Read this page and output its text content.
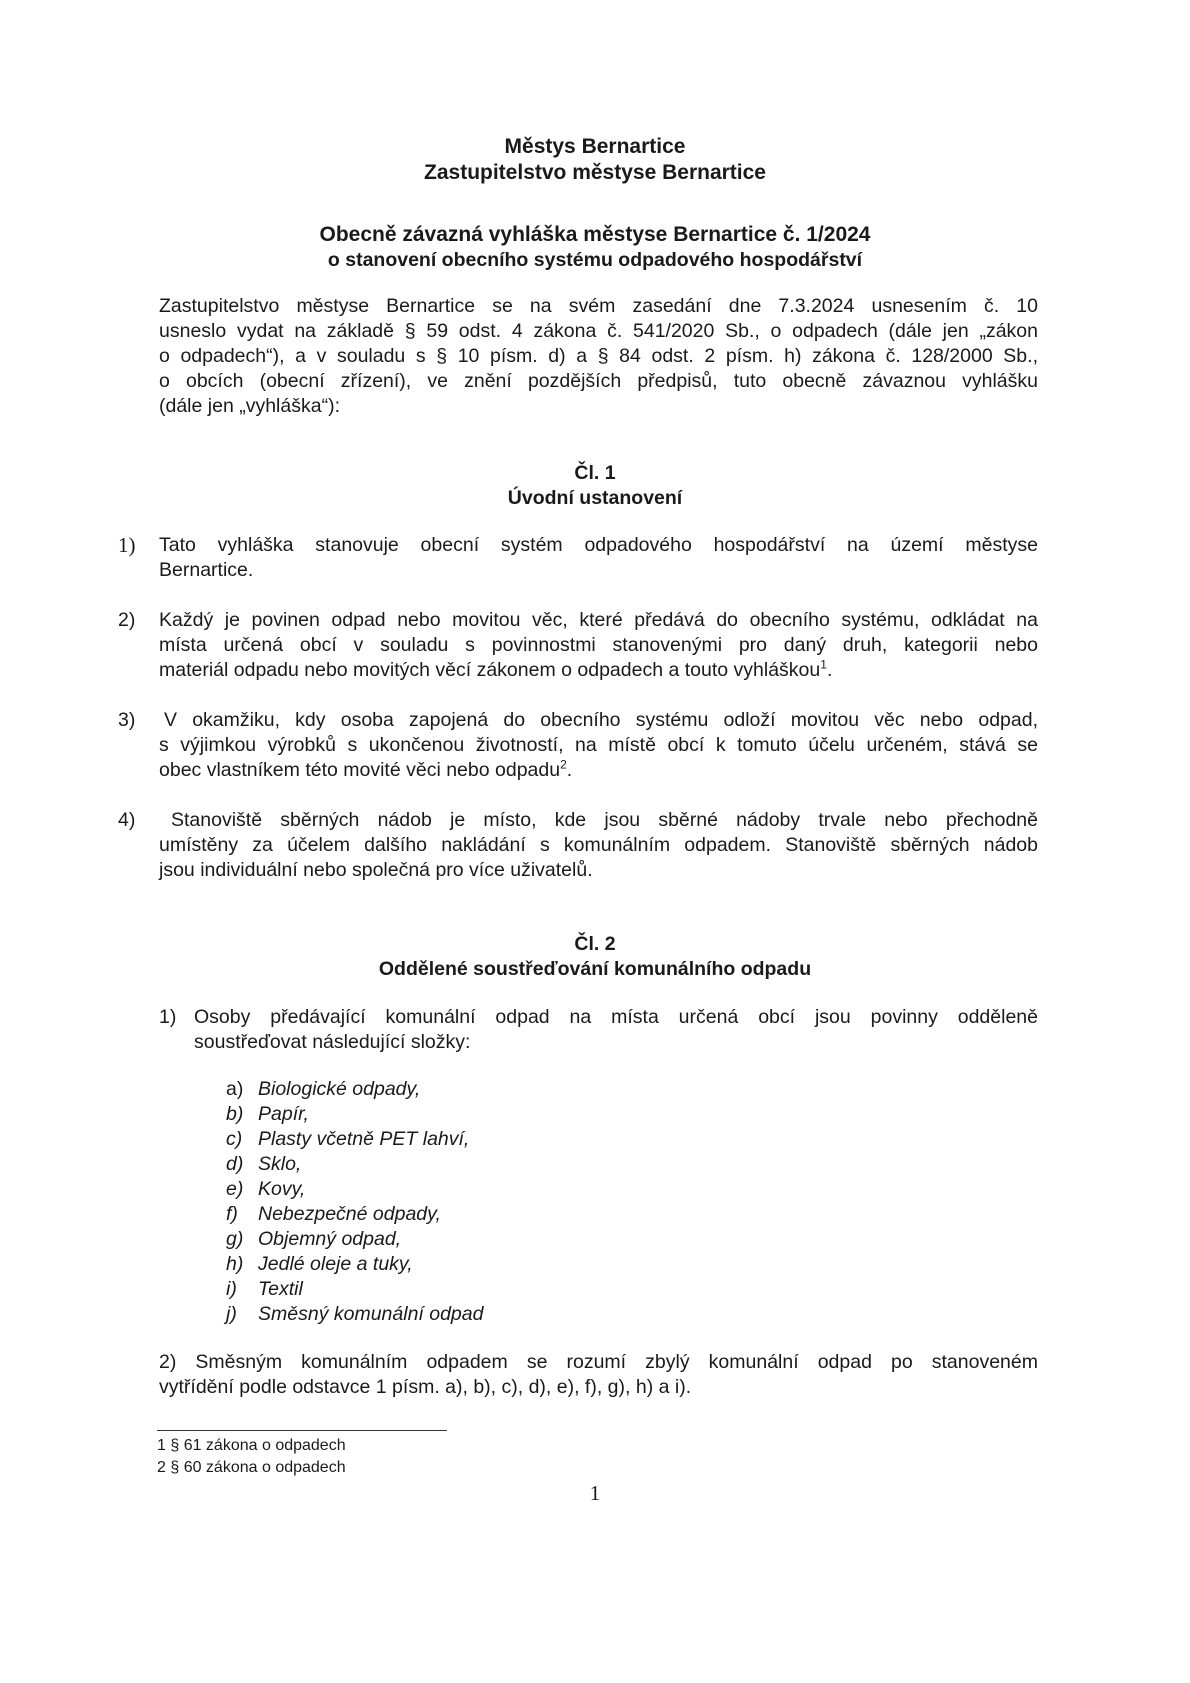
Městys Bernartice
Zastupitelstvo městyse Bernartice
Obecně závazná vyhláška městyse Bernartice č. 1/2024
o stanovení obecního systému odpadového hospodářství
Zastupitelstvo městyse Bernartice se na svém zasedání dne 7.3.2024 usnesením č. 10
usneslo vydat na základě § 59 odst. 4 zákona č. 541/2020 Sb., o odpadech (dále jen „zákon
o odpadech“), a v souladu s § 10 písm. d) a § 84 odst. 2 písm. h) zákona č. 128/2000 Sb.,
o obcích (obecní zřízení), ve znění pozdějších předpisů, tuto obecně závaznou vyhlášku
(dále jen „vyhláška“):
Čl. 1
Úvodní ustanovení
1) Tato vyhláška stanovuje obecní systém odpadového hospodářství na území městyse
Bernartice.
2) Každý je povinen odpad nebo movitou věc, které předává do obecního systému, odkládat na
místa určená obcí v souladu s povinnostmi stanovenými pro daný druh, kategorii nebo
materiál odpadu nebo movitých věcí zákonem o odpadech a touto vyhláškou$^1$.
3) V okamžiku, kdy osoba zapojená do obecního systému odloží movitou věc nebo odpad,
s výjimkou výrobků s ukončenou životností, na místě obcí k tomuto účelu určeném, stává se
obec vlastníkem této movité věci nebo odpadu$^2$.
4) Stanoviště sběrných nádob je místo, kde jsou sběrné nádoby trvale nebo přechodně
umístěny za účelem dalšího nakládání s komunálním odpadem. Stanoviště sběrných nádob
jsou individuální nebo společná pro více uživatelů.
Čl. 2
Oddělené soustřeďování komunálního odpadu
1) Osoby předávající komunální odpad na místa určená obcí jsou povinny odděleně
soustřeďovat následující složky:
a) Biologické odpady,
b) Papír,
c) Plasty včetně PET lahví,
d) Sklo,
e) Kovy,
f) Nebezpečné odpady,
g) Objemný odpad,
h) Jedlé oleje a tuky,
i) Textil
j) Směsný komunální odpad
2) Směsným komunálním odpadem se rozumí zbylý komunální odpad po stanoveném
vytřídění podle odstavce 1 písm. a), b), c), d), e), f), g), h) a i).
1 § 61 zákona o odpadech
2 § 60 zákona o odpadech
1
